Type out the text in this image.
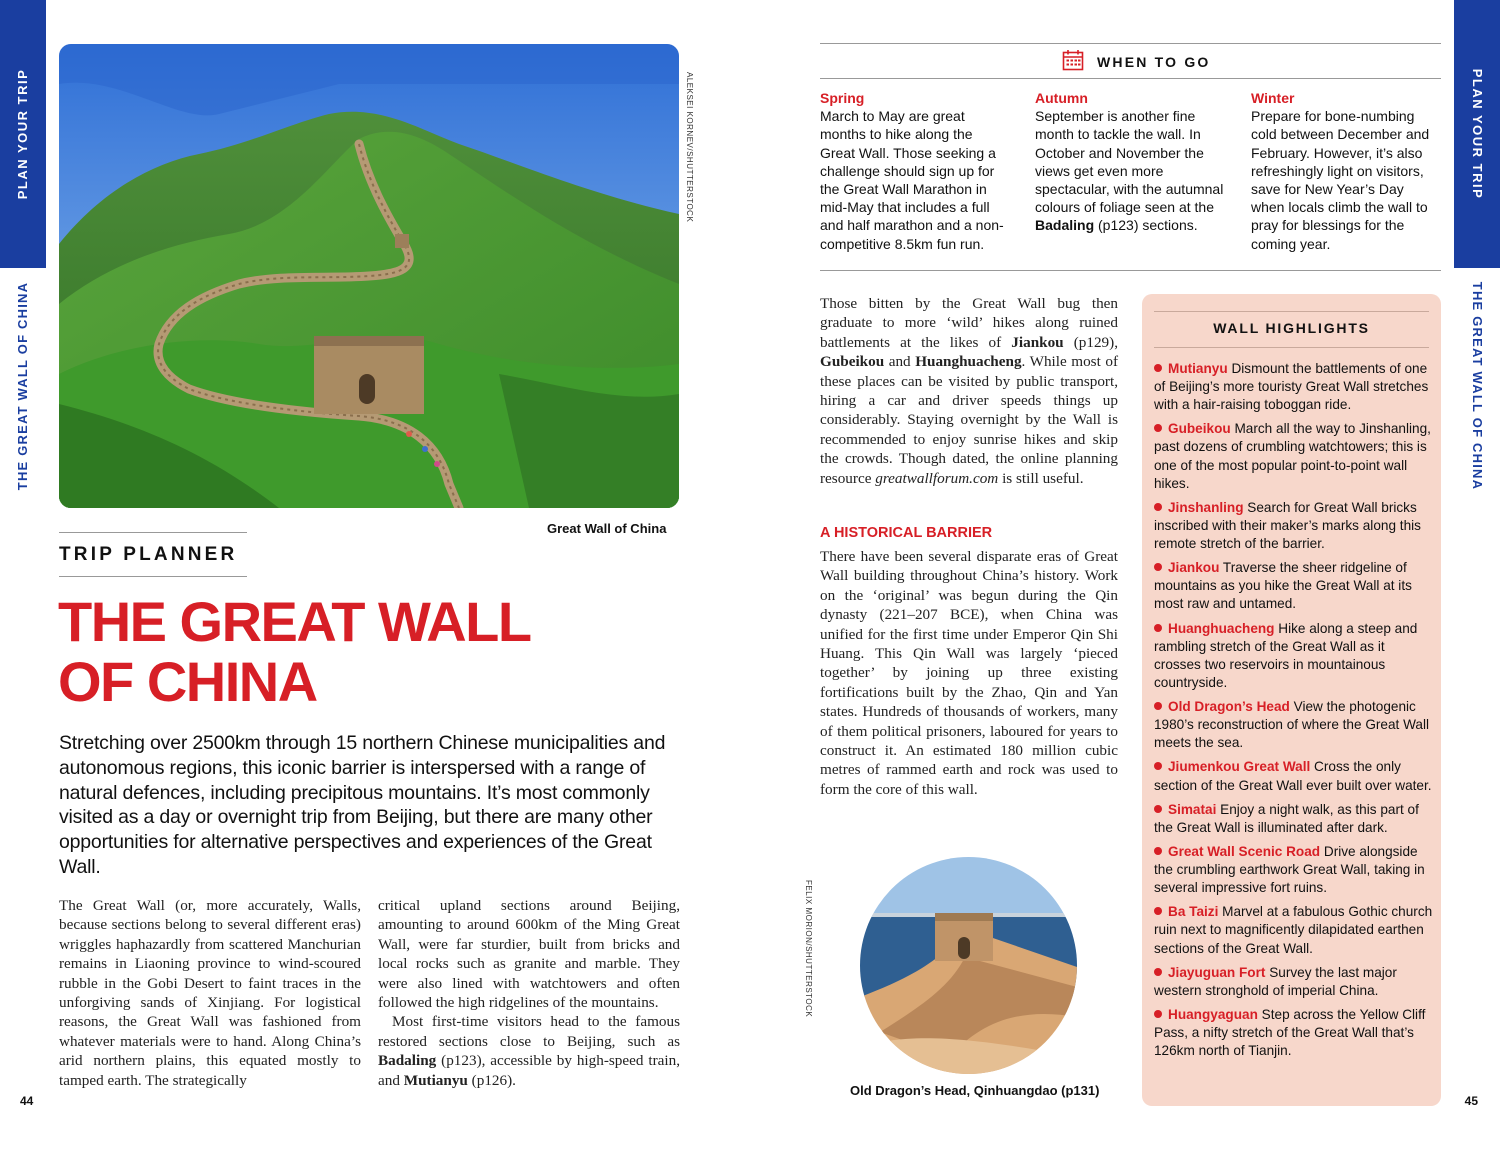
PLAN YOUR TRIP
THE GREAT WALL OF CHINA
44
PLAN YOUR TRIP
THE GREAT WALL OF CHINA
45
ALEKSEI KORNEV/SHUTTERSTOCK
Great Wall of China
TRIP PLANNER
THE GREAT WALL
OF CHINA

Stretching over 2500km through 15 northern Chinese municipalities and autonomous regions, this iconic barrier is interspersed with a range of natural defences, including precipitous mountains. It’s most commonly visited as a day or overnight trip from Beijing, but there are many other opportunities for alternative perspectives and experiences of the Great Wall.

The Great Wall (or, more accurately, Walls, because sections belong to several different eras) wriggles haphazardly from scattered Manchurian remains in Liaoning province to wind-scoured rubble in the Gobi Desert to faint traces in the unforgiving sands of Xinjiang. For logistical reasons, the Great Wall was fashioned from whatever materials were to hand. Along China’s arid northern plains, this equated mostly to tamped earth. The strategically

critical upland sections around Beijing, amounting to around 600km of the Ming Great Wall, were far sturdier, built from bricks and local rocks such as granite and marble. They were also lined with watchtowers and often followed the high ridgelines of the mountains.

Most first-time visitors head to the famous restored sections close to Beijing, such as Badaling (p123), accessible by high-speed train, and Mutianyu (p126).

WHEN TO GO
Spring
March to May are great months to hike along the Great Wall. Those seeking a challenge should sign up for the Great Wall Marathon in mid-May that includes a full and half marathon and a non-competitive 8.5km fun run.
Autumn
September is another fine month to tackle the wall. In October and November the views get even more spectacular, with the autumnal colours of foliage seen at the Badaling (p123) sections.
Winter
Prepare for bone-numbing cold between December and February. However, it’s also refreshingly light on visitors, save for New Year’s Day when locals climb the wall to pray for blessings for the coming year.

Those bitten by the Great Wall bug then graduate to more ‘wild’ hikes along ruined battlements at the likes of Jiankou (p129), Gubeikou and Huanghuacheng. While most of these places can be visited by public transport, hiring a car and driver speeds things up considerably. Staying overnight by the Wall is recommended to enjoy sunrise hikes and skip the crowds. Though dated, the online planning resource greatwallforum.com is still useful.

A HISTORICAL BARRIER

There have been several disparate eras of Great Wall building throughout China’s history. Work on the ‘original’ was begun during the Qin dynasty (221–207 BCE), when China was unified for the first time under Emperor Qin Shi Huang. This Qin Wall was largely ‘pieced together’ by joining up three existing fortifications built by the Zhao, Qin and Yan states. Hundreds of thousands of workers, many of them political prisoners, laboured for years to construct it. An estimated 180 million cubic metres of rammed earth and rock was used to form the core of this wall.

FELIX MORION/SHUTTERSTOCK
Old Dragon’s Head, Qinhuangdao (p131)
WALL HIGHLIGHTS
Mutianyu Dismount the battlements of one of Beijing’s more touristy Great Wall stretches with a hair-raising toboggan ride.
Gubeikou March all the way to Jinshanling, past dozens of crumbling watchtowers; this is one of the most popular point-to-point wall hikes.
Jinshanling Search for Great Wall bricks inscribed with their maker’s marks along this remote stretch of the barrier.
Jiankou Traverse the sheer ridgeline of mountains as you hike the Great Wall at its most raw and untamed.
Huanghuacheng Hike along a steep and rambling stretch of the Great Wall as it crosses two reservoirs in mountainous countryside.
Old Dragon’s Head View the photogenic 1980’s reconstruction of where the Great Wall meets the sea.
Jiumenkou Great Wall Cross the only section of the Great Wall ever built over water.
Simatai Enjoy a night walk, as this part of the Great Wall is illuminated after dark.
Great Wall Scenic Road Drive alongside the crumbling earthwork Great Wall, taking in several impressive fort ruins.
Ba Taizi Marvel at a fabulous Gothic church ruin next to magnificently dilapidated earthen sections of the Great Wall.
Jiayuguan Fort Survey the last major western stronghold of imperial China.
Huangyaguan Step across the Yellow Cliff Pass, a nifty stretch of the Great Wall that’s 126km north of Tianjin.
